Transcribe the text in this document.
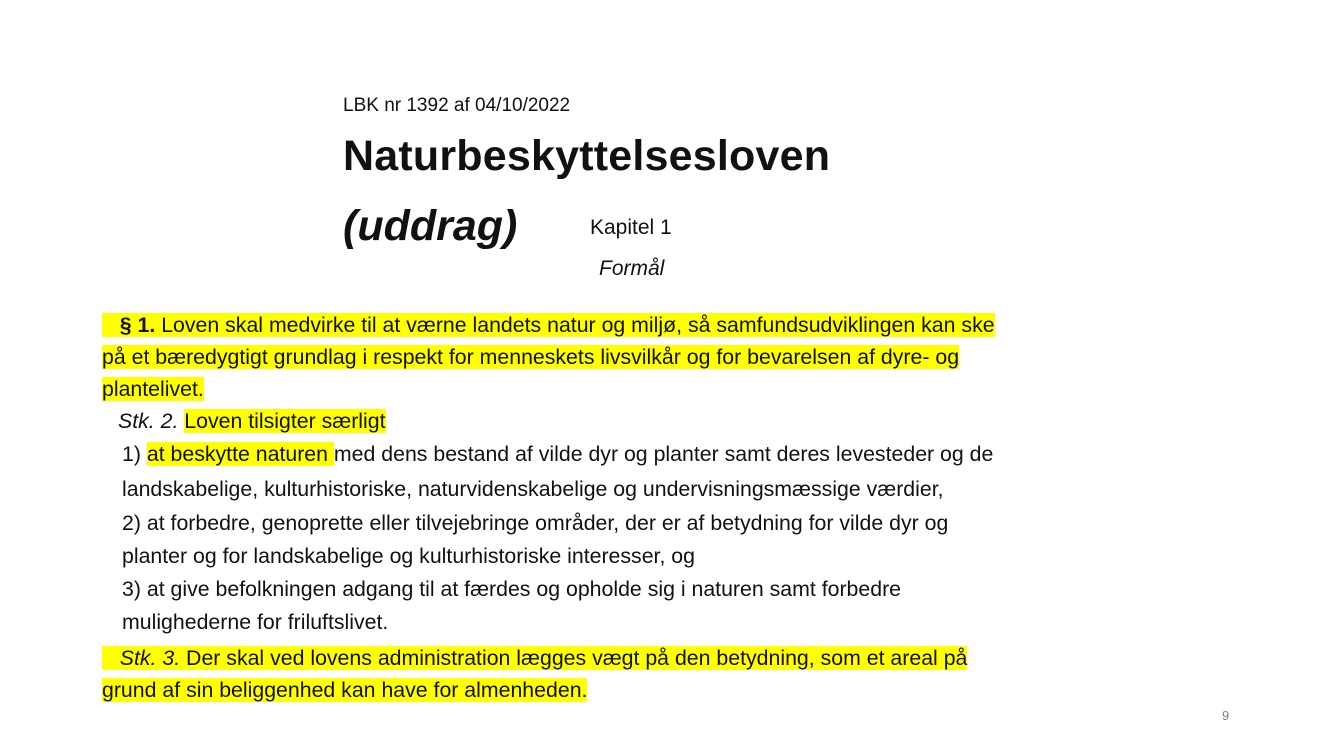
LBK nr 1392 af 04/10/2022
Naturbeskyttelsesloven
(uddrag)	Kapitel 1
Formål
§ 1. Loven skal medvirke til at værne landets natur og miljø, så samfundsudviklingen kan ske
på et bæredygtigt grundlag i respekt for menneskets livsvilkår og for bevarelsen af dyre- og
plantelivet.
Stk. 2. Loven tilsigter særligt
1) at beskytte naturen med dens bestand af vilde dyr og planter samt deres levesteder og de
landskabelige, kulturhistoriske, naturvidenskabelige og undervisningsmæssige værdier,
2) at forbedre, genoprette eller tilvejebringe områder, der er af betydning for vilde dyr og
planter og for landskabelige og kulturhistoriske interesser, og
3) at give befolkningen adgang til at færdes og opholde sig i naturen samt forbedre
mulighederne for friluftslivet.
Stk. 3. Der skal ved lovens administration lægges vægt på den betydning, som et areal på
grund af sin beliggenhed kan have for almenheden.
9
